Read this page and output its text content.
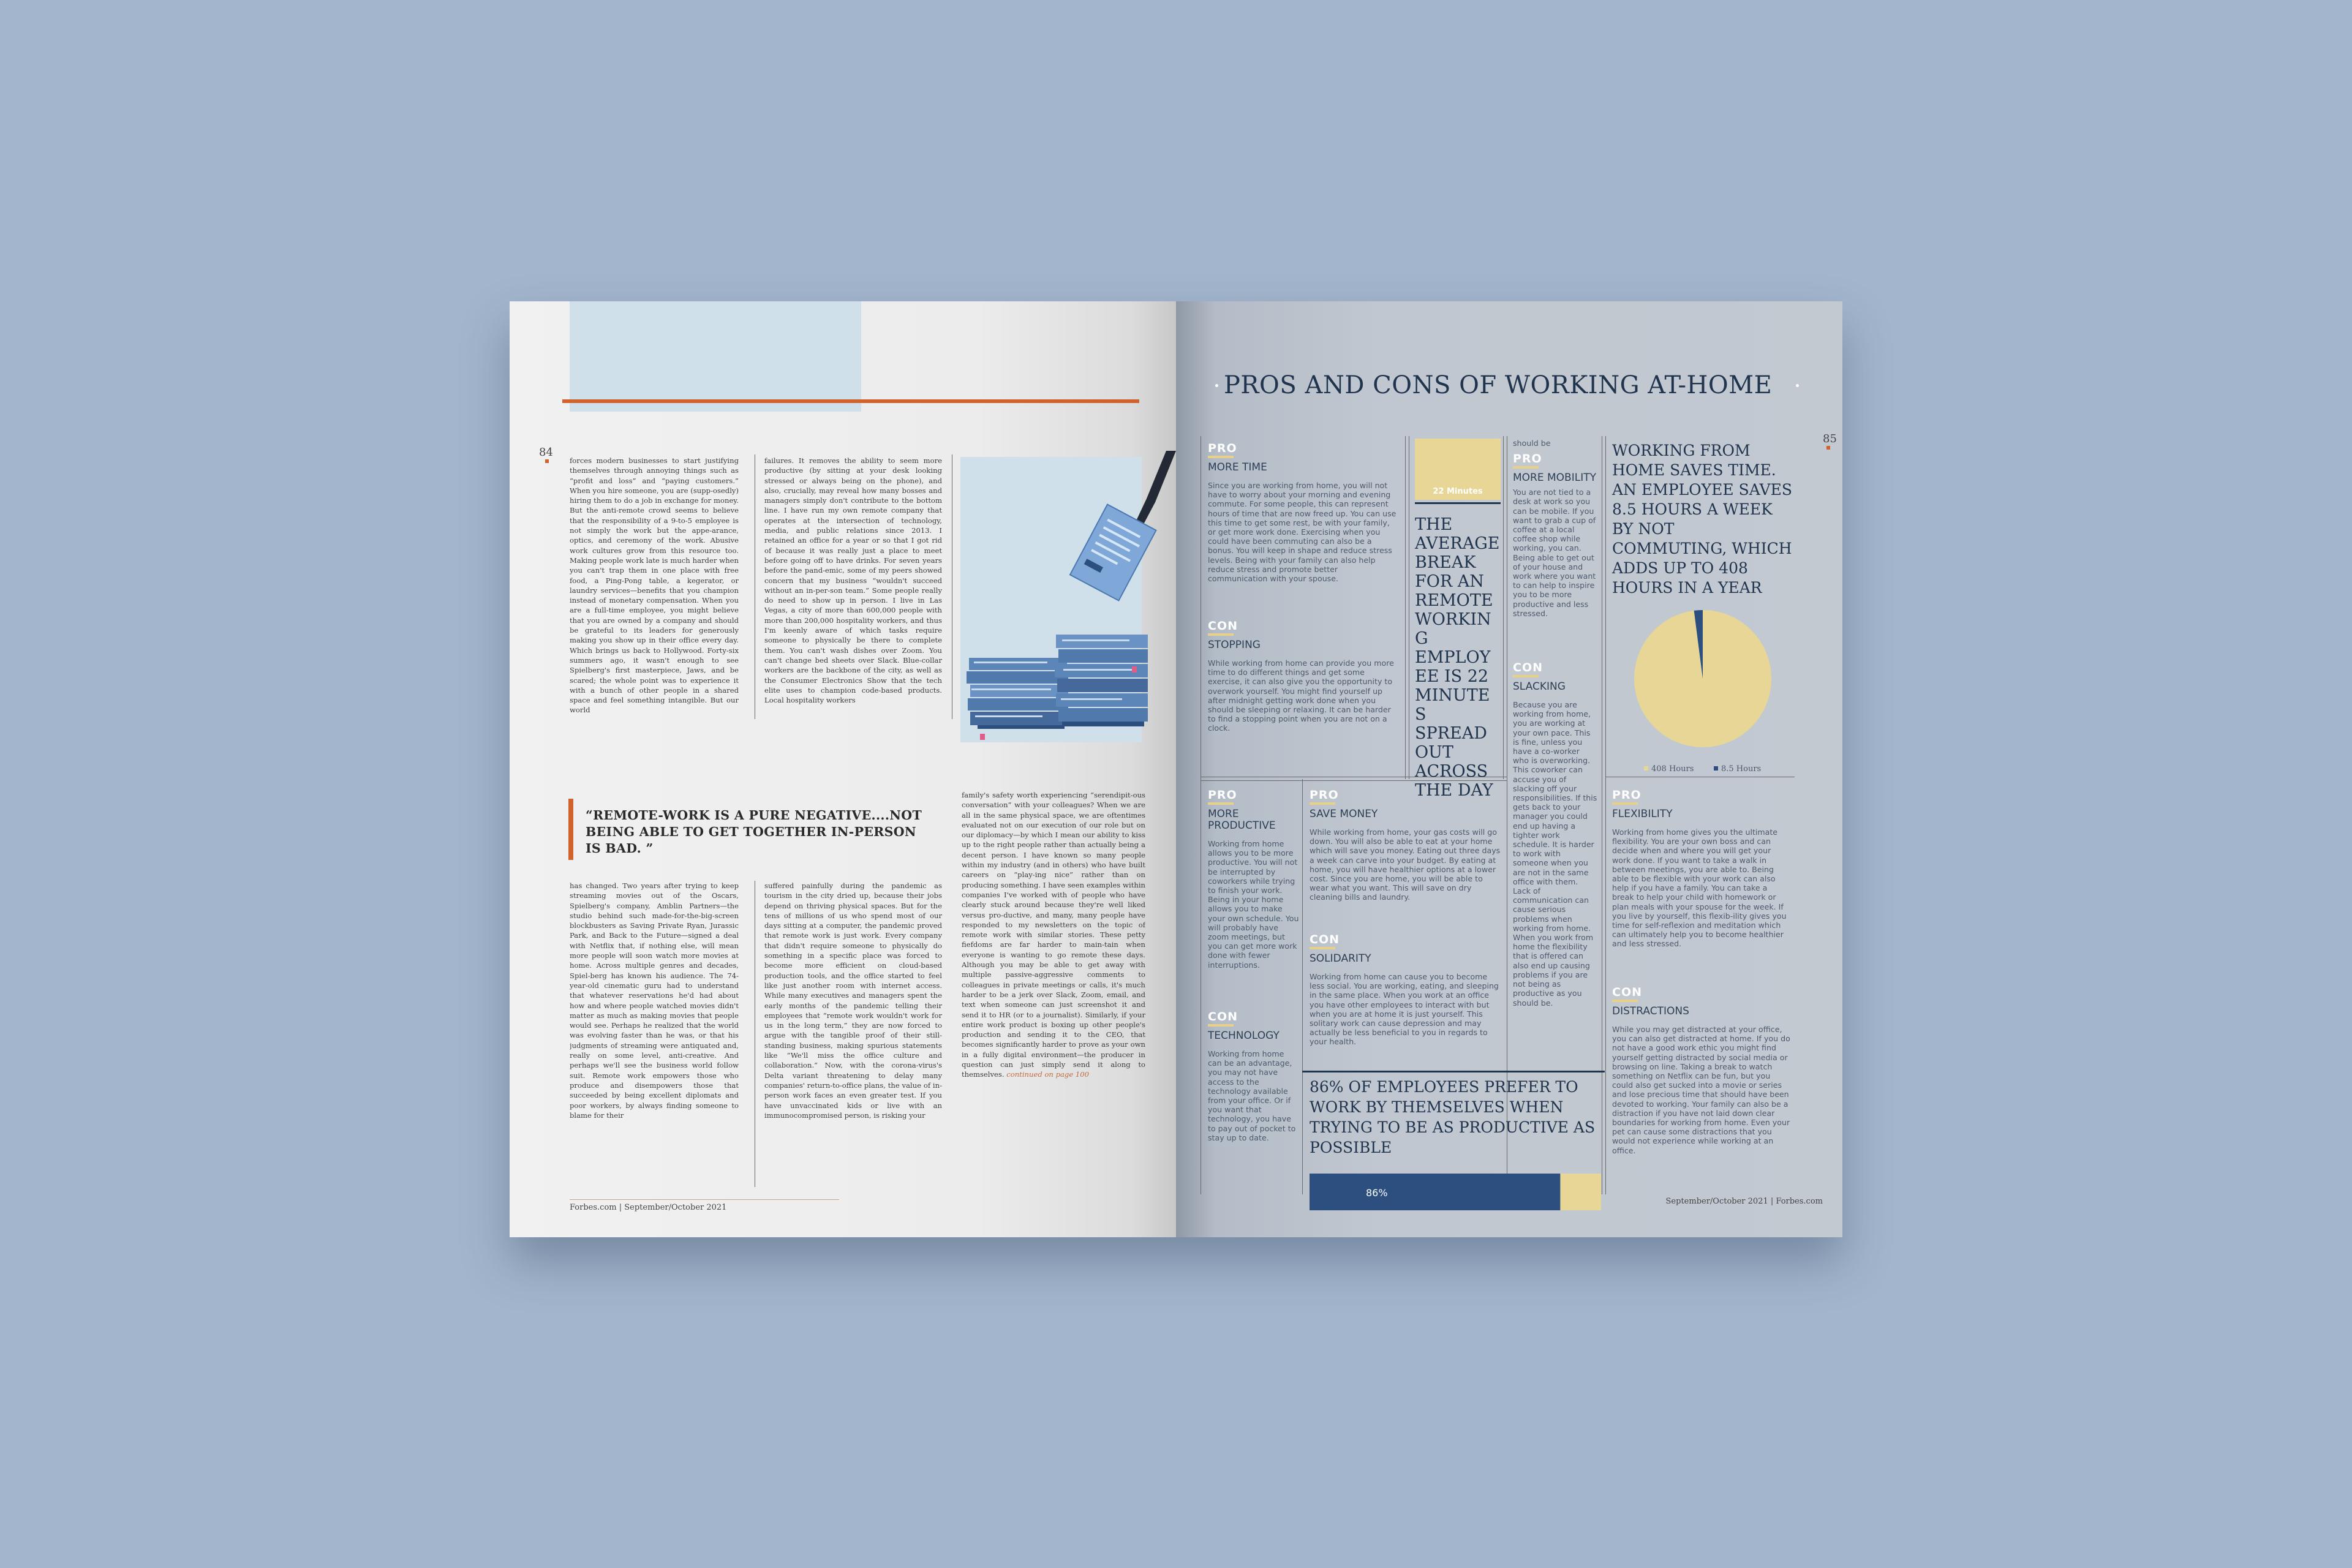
84
forces modern businesses to start justifying themselves through annoying things such as “profit and loss” and “paying customers.” When you hire someone, you are (supp-osedly) hiring them to do a job in exchange for money. But the anti-remote crowd seems to believe that the responsibility of a 9-to-5 employee is not simply the work but the appe-arance, optics, and ceremony of the work. Abusive work cultures grow from this resource too. Making people work late is much harder when you can't trap them in one place with free food, a Ping-Pong table, a kegerator, or laundry services—benefits that you champion instead of monetary compensation. When you are a full-time employee, you might believe that you are owned by a company and should be grateful to its leaders for generously making you show up in their office every day. Which brings us back to Hollywood. Forty-six summers ago, it wasn't enough to see Spielberg's first masterpiece, Jaws, and be scared; the whole point was to experience it with a bunch of other people in a shared space and feel something intangible. But our world
failures. It removes the ability to seem more productive (by sitting at your desk looking stressed or always being on the phone), and also, crucially, may reveal how many bosses and managers simply don't contribute to the bottom line. I have run my own remote company that operates at the intersection of technology, media, and public relations since 2013. I retained an office for a year or so that I got rid of because it was really just a place to meet before going off to have drinks. For seven years before the pand-emic, some of my peers showed concern that my business “wouldn't succeed without an in-per-son team.” Some people really do need to show up in person. I live in Las Vegas, a city of more than 600,000 people with more than 200,000 hospitality workers, and thus I'm keenly aware of which tasks require someone to physically be there to complete them. You can't wash dishes over Zoom. You can't change bed sheets over Slack. Blue-collar workers are the backbone of the city, as well as the Consumer Electronics Show that the tech elite uses to champion code-based products. Local hospitality workers
“REMOTE-WORK IS A PURE NEGATIVE....NOT BEING ABLE TO GET TOGETHER IN-PERSON IS BAD. ”
family's safety worth experiencing “serendipit-ous conversation” with your colleagues? When we are all in the same physical space, we are oftentimes evaluated not on our execution of our role but on our diplomacy—by which I mean our ability to kiss up to the right people rather than actually being a decent person. I have known so many people within my industry (and in others) who have built careers on “play-ing nice” rather than on producing something. I have seen examples within companies I've worked with of people who have clearly stuck around because they're well liked versus pro-ductive, and many, many people have responded to my newsletters on the topic of remote work with similar stories. These petty fiefdoms are far harder to main-tain when everyone is wanting to go remote these days. Although you may be able to get away with multiple passive-aggressive comments to colleagues in private meetings or calls, it's much harder to be a jerk over Slack, Zoom, email, and text when someone can just screenshot it and send it to HR (or to a journalist). Similarly, if your entire work product is boxing up other people's production and sending it to the CEO, that becomes significantly harder to prove as your own in a fully digital environment—the producer in question can just simply send it along to themselves. continued on page 100
has changed. Two years after trying to keep streaming movies out of the Oscars, Spielberg's company, Amblin Partners—the studio behind such made-for-the-big-screen blockbusters as Saving Private Ryan, Jurassic Park, and Back to the Future—signed a deal with Netflix that, if nothing else, will mean more people will soon watch more movies at home. Across multiple genres and decades, Spiel-berg has known his audience. The 74-year-old cinematic guru had to understand that whatever reservations he'd had about how and where people watched movies didn't matter as much as making movies that people would see. Perhaps he realized that the world was evolving faster than he was, or that his judgments of streaming were antiquated and, really on some level, anti-creative. And perhaps we'll see the business world follow suit. Remote work empowers those who produce and disempowers those that succeeded by being excellent diplomats and poor workers, by always finding someone to blame for their
suffered painfully during the pandemic as tourism in the city dried up, because their jobs depend on thriving physical spaces. But for the tens of millions of us who spend most of our days sitting at a computer, the pandemic proved that remote work is just work. Every company that didn't require someone to physically do something in a specific place was forced to become more efficient on cloud-based production tools, and the office started to feel like just another room with internet access. While many executives and managers spent the early months of the pandemic telling their employees that “remote work wouldn't work for us in the long term,” they are now forced to argue with the tangible proof of their still-standing business, making spurious statements like “We'll miss the office culture and collaboration.” Now, with the corona-virus's Delta variant threatening to delay many companies' return-to-office plans, the value of in-person work faces an even greater test. If you have unvaccinated kids or live with an immunocompromised person, is risking your
Forbes.com | September/October 2021
PROS AND CONS OF WORKING AT-HOME
85
PRO
MORE TIME
Since you are working from home, you will not have to worry about your morning and evening commute. For some people, this can represent hours of time that are now freed up. You can use this time to get some rest, be with your family, or get more work done. Exercising when you could have been commuting can also be a bonus. You will keep in shape and reduce stress levels. Being with your family can also help reduce stress and promote better communication with your spouse.
CON
STOPPING
While working from home can provide you more time to do different things and get some exercise, it can also give you the opportunity to overwork yourself. You might find yourself up after midnight getting work done when you should be sleeping or relaxing. It can be harder to find a stopping point when you are not on a clock.
22 Minutes
THE AVERAGE BREAK FOR AN REMOTE WORKING EMPLOYEE IS 22 MINUTES SPREAD OUT ACROSS THE DAY
should be
PRO
MORE MOBILITY
You are not tied to a desk at work so you can be mobile. If you want to grab a cup of coffee at a local coffee shop while working, you can. Being able to get out of your house and work where you want to can help to inspire you to be more productive and less stressed.
CON
SLACKING
Because you are working from home, you are working at your own pace. This is fine, unless you have a co-worker who is overworking. This coworker can accuse you of slacking off your responsibilities. If this gets back to your manager you could end up having a tighter work schedule. It is harder to work with someone when you are not in the same office with them. Lack of communication can cause serious problems when working from home. When you work from home the flexibility that is offered can also end up causing problems if you are not being as productive as you should be.
WORKING FROM HOME SAVES TIME. AN EMPLOYEE SAVES 8.5 HOURS A WEEK BY NOT COMMUTING, WHICH ADDS UP TO 408 HOURS IN A YEAR
408 Hours	8.5 Hours
PRO
MORE PRODUCTIVE
Working from home allows you to be more productive. You will not be interrupted by coworkers while trying to finish your work. Being in your home allows you to make your own schedule. You will probably have zoom meetings, but you can get more work done with fewer interruptions.
CON
TECHNOLOGY
Working from home can be an advantage, you may not have access to the technology available from your office. Or if you want that technology, you have to pay out of pocket to stay up to date.
PRO
SAVE MONEY
While working from home, your gas costs will go down. You will also be able to eat at your home which will save you money. Eating out three days a week can carve into your budget. By eating at home, you will have healthier options at a lower cost. Since you are home, you will be able to wear what you want. This will save on dry cleaning bills and laundry.
CON
SOLIDARITY
Working from home can cause you to become less social. You are working, eating, and sleeping in the same place. When you work at an office you have other employees to interact with but when you are at home it is just yourself. This solitary work can cause depression and may actually be less beneficial to you in regards to your health.
86% OF EMPLOYEES PREFER TO WORK BY THEMSELVES WHEN TRYING TO BE AS PRODUCTIVE AS POSSIBLE
86%
PRO
FLEXIBILITY
Working from home gives you the ultimate flexibility. You are your own boss and can decide when and where you will get your work done. If you want to take a walk in between meetings, you are able to. Being able to be flexible with your work can also help if you have a family. You can take a break to help your child with homework or plan meals with your spouse for the week. If you live by yourself, this flexib-ility gives you time for self-reflexion and meditation which can ultimately help you to become healthier and less stressed.
CON
DISTRACTIONS
While you may get distracted at your office, you can also get distracted at home. If you do not have a good work ethic you might find yourself getting distracted by social media or browsing on line. Taking a break to watch something on Netflix can be fun, but you could also get sucked into a movie or series and lose precious time that should have been devoted to working. Your family can also be a distraction if you have not laid down clear boundaries for working from home. Even your pet can cause some distractions that you would not experience while working at an office.
September/October 2021 | Forbes.com
